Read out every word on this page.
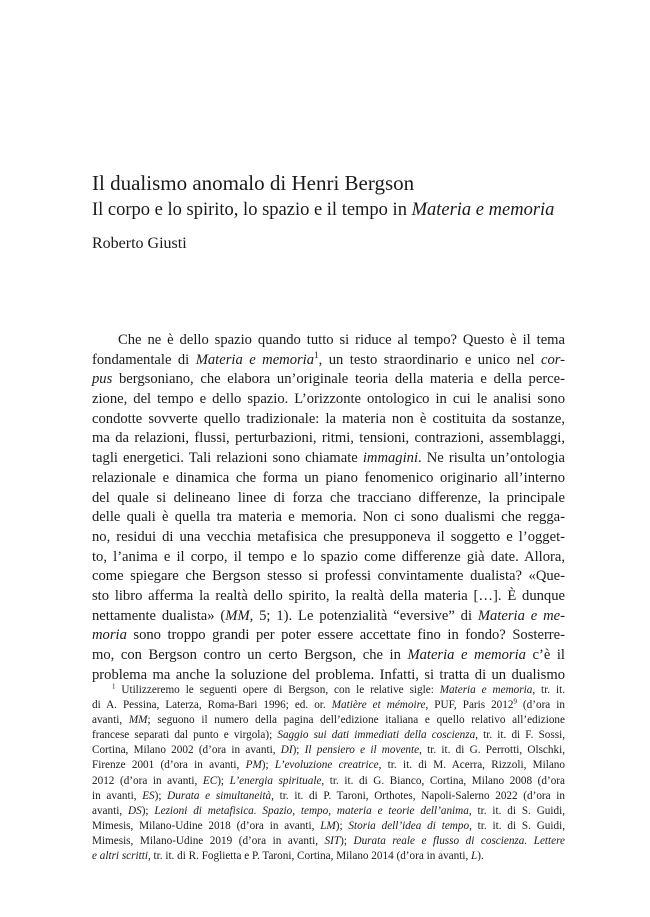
Il dualismo anomalo di Henri Bergson
Il corpo e lo spirito, lo spazio e il tempo in Materia e memoria

Roberto Giusti

Che ne è dello spazio quando tutto si riduce al tempo? Questo è il tema
fondamentale di Materia e memoria$^1$, un testo straordinario e unico nel cor-
pus bergsoniano, che elabora un’originale teoria della materia e della perce-
zione, del tempo e dello spazio. L’orizzonte ontologico in cui le analisi sono
condotte sovverte quello tradizionale: la materia non è costituita da sostanze,
ma da relazioni, flussi, perturbazioni, ritmi, tensioni, contrazioni, assemblaggi,
tagli energetici. Tali relazioni sono chiamate immagini. Ne risulta un’ontologia
relazionale e dinamica che forma un piano fenomenico originario all’interno
del quale si delineano linee di forza che tracciano differenze, la principale
delle quali è quella tra materia e memoria. Non ci sono dualismi che regga-
no, residui di una vecchia metafisica che presupponeva il soggetto e l’ogget-
to, l’anima e il corpo, il tempo e lo spazio come differenze già date. Allora,
come spiegare che Bergson stesso si professi convintamente dualista? «Que-
sto libro afferma la realtà dello spirito, la realtà della materia […]. È dunque
nettamente dualista» (MM, 5; 1). Le potenzialità “eversive” di Materia e me-
moria sono troppo grandi per poter essere accettate fino in fondo? Sosterre-
mo, con Bergson contro un certo Bergson, che in Materia e memoria c’è il
problema ma anche la soluzione del problema. Infatti, si tratta di un dualismo
$^1$ Utilizzeremo le seguenti opere di Bergson, con le relative sigle: Materia e memoria, tr. it.
di A. Pessina, Laterza, Roma-Bari 1996; ed. or. Matière et mémoire, PUF, Paris 2012$^9$ (d’ora in
avanti, MM; seguono il numero della pagina dell’edizione italiana e quello relativo all’edizione
francese separati dal punto e virgola); Saggio sui dati immediati della coscienza, tr. it. di F. Sossi,
Cortina, Milano 2002 (d’ora in avanti, DI); Il pensiero e il movente, tr. it. di G. Perrotti, Olschki,
Firenze 2001 (d’ora in avanti, PM); L’evoluzione creatrice, tr. it. di M. Acerra, Rizzoli, Milano
2012 (d’ora in avanti, EC); L’energia spirituale, tr. it. di G. Bianco, Cortina, Milano 2008 (d’ora
in avanti, ES); Durata e simultaneità, tr. it. di P. Taroni, Orthotes, Napoli-Salerno 2022 (d’ora in
avanti, DS); Lezioni di metafisica. Spazio, tempo, materia e teorie dell’anima, tr. it. di S. Guidi,
Mimesis, Milano-Udine 2018 (d’ora in avanti, LM); Storia dell’idea di tempo, tr. it. di S. Guidi,
Mimesis, Milano-Udine 2019 (d’ora in avanti, SIT); Durata reale e flusso di coscienza. Lettere
e altri scritti, tr. it. di R. Foglietta e P. Taroni, Cortina, Milano 2014 (d’ora in avanti, L).
